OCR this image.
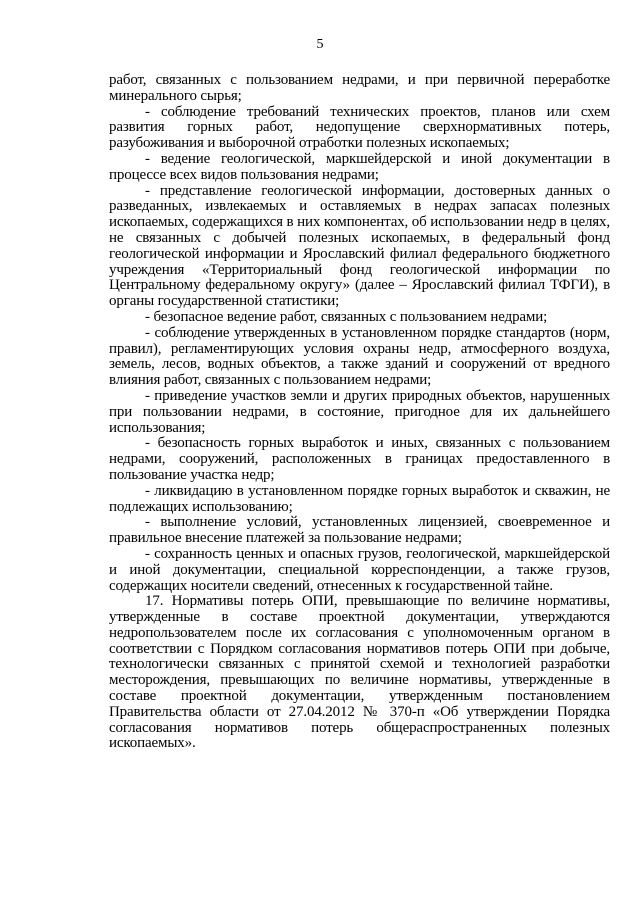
5

работ, связанных с пользованием недрами, и при первичной переработке минерального сырья;

- соблюдение требований технических проектов, планов или схем развития горных работ, недопущение сверхнормативных потерь, разубоживания и выборочной отработки полезных ископаемых;

- ведение геологической, маркшейдерской и иной документации в процессе всех видов пользования недрами;

- представление геологической информации, достоверных данных о разведанных, извлекаемых и оставляемых в недрах запасах полезных ископаемых, содержащихся в них компонентах, об использовании недр в целях, не связанных с добычей полезных ископаемых, в федеральный фонд геологической информации и Ярославский филиал федерального бюджетного учреждения «Территориальный фонд геологической информации по Центральному федеральному округу» (далее – Ярославский филиал ТФГИ), в органы государственной статистики;

- безопасное ведение работ, связанных с пользованием недрами;

- соблюдение утвержденных в установленном порядке стандартов (норм, правил), регламентирующих условия охраны недр, атмосферного воздуха, земель, лесов, водных объектов, а также зданий и сооружений от вредного влияния работ, связанных с пользованием недрами;

- приведение участков земли и других природных объектов, нарушенных при пользовании недрами, в состояние, пригодное для их дальнейшего использования;

- безопасность горных выработок и иных, связанных с пользованием недрами, сооружений, расположенных в границах предоставленного в пользование участка недр;

- ликвидацию в установленном порядке горных выработок и скважин, не подлежащих использованию;

- выполнение условий, установленных лицензией, своевременное и правильное внесение платежей за пользование недрами;

- сохранность ценных и опасных грузов, геологической, маркшейдерской и иной документации, специальной корреспонденции, а также грузов, содержащих носители сведений, отнесенных к государственной тайне.

17. Нормативы потерь ОПИ, превышающие по величине нормативы, утвержденные в составе проектной документации, утверждаются недропользователем после их согласования с уполномоченным органом в соответствии с Порядком согласования нормативов потерь ОПИ при добыче, технологически связанных с принятой схемой и технологией разработки месторождения, превышающих по величине нормативы, утвержденные в составе проектной документации, утвержденным постановлением Правительства области от 27.04.2012 № 370-п «Об утверждении Порядка согласования нормативов потерь общераспространенных полезных ископаемых».
